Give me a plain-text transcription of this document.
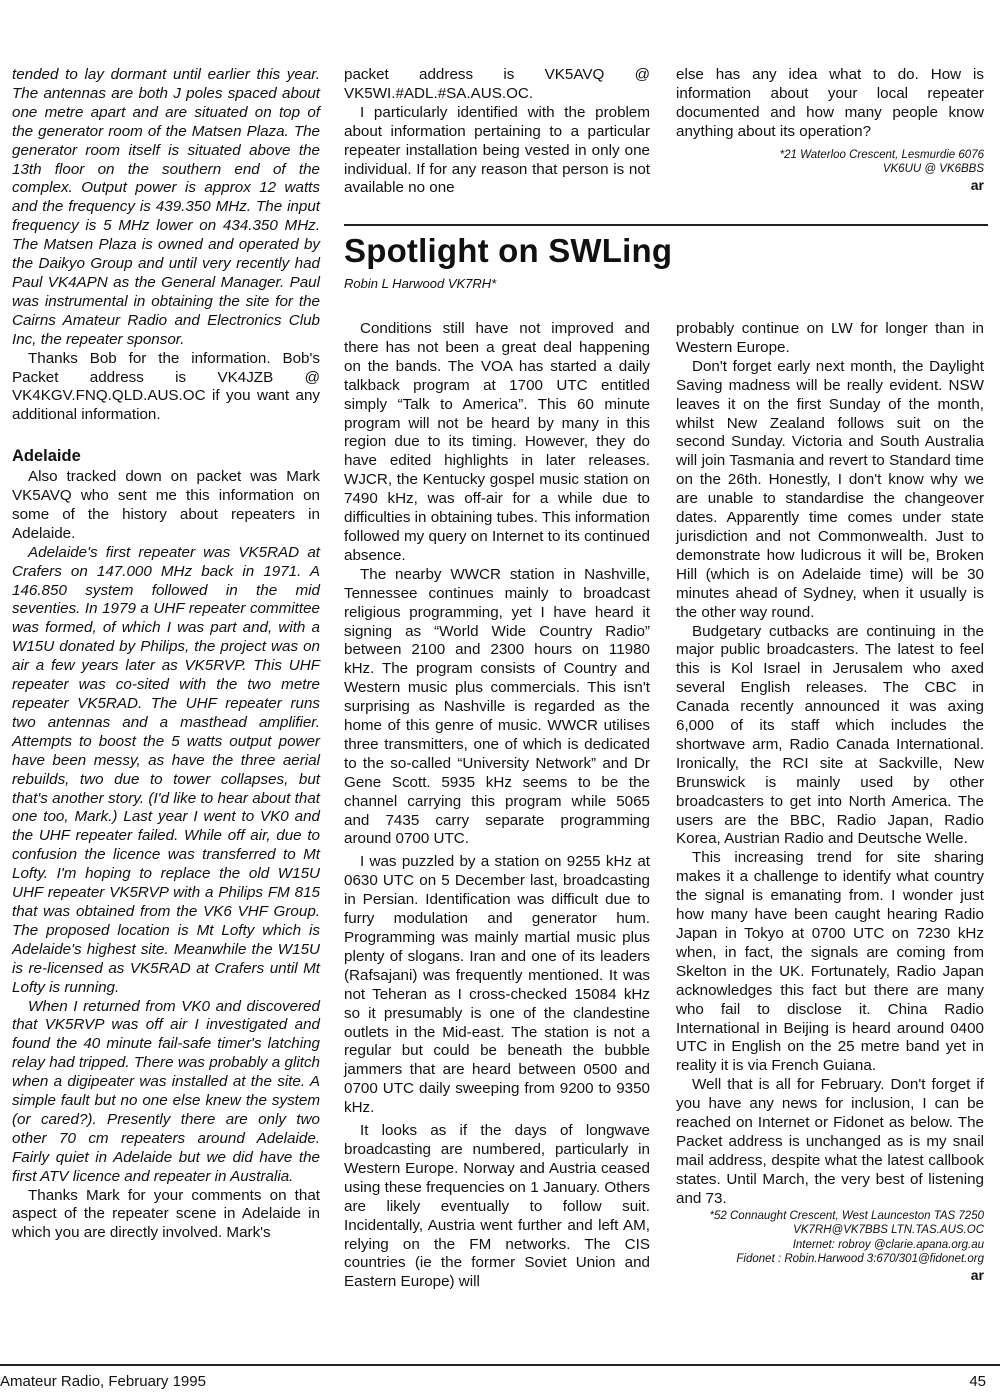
tended to lay dormant until earlier this year. The antennas are both J poles spaced about one metre apart and are situated on top of the generator room of the Matsen Plaza. The generator room itself is situated above the 13th floor on the southern end of the complex. Output power is approx 12 watts and the frequency is 439.350 MHz. The input frequency is 5 MHz lower on 434.350 MHz. The Matsen Plaza is owned and operated by the Daikyo Group and until very recently had Paul VK4APN as the General Manager. Paul was instrumental in obtaining the site for the Cairns Amateur Radio and Electronics Club Inc, the repeater sponsor.

Thanks Bob for the information. Bob's Packet address is VK4JZB @ VK4KGV.FNQ.QLD.AUS.OC if you want any additional information.

Adelaide

Also tracked down on packet was Mark VK5AVQ who sent me this information on some of the history about repeaters in Adelaide.

Adelaide's first repeater was VK5RAD at Crafers on 147.000 MHz back in 1971. A 146.850 system followed in the mid seventies. In 1979 a UHF repeater committee was formed, of which I was part and, with a W15U donated by Philips, the project was on air a few years later as VK5RVP. This UHF repeater was co-sited with the two metre repeater VK5RAD. The UHF repeater runs two antennas and a masthead amplifier. Attempts to boost the 5 watts output power have been messy, as have the three aerial rebuilds, two due to tower collapses, but that's another story. (I'd like to hear about that one too, Mark.) Last year I went to VK0 and the UHF repeater failed. While off air, due to confusion the licence was transferred to Mt Lofty. I'm hoping to replace the old W15U UHF repeater VK5RVP with a Philips FM 815 that was obtained from the VK6 VHF Group. The proposed location is Mt Lofty which is Adelaide's highest site. Meanwhile the W15U is re-licensed as VK5RAD at Crafers until Mt Lofty is running.

When I returned from VK0 and discovered that VK5RVP was off air I investigated and found the 40 minute fail-safe timer's latching relay had tripped. There was probably a glitch when a digipeater was installed at the site. A simple fault but no one else knew the system (or cared?). Presently there are only two other 70 cm repeaters around Adelaide. Fairly quiet in Adelaide but we did have the first ATV licence and repeater in Australia.

Thanks Mark for your comments on that aspect of the repeater scene in Adelaide in which you are directly involved. Mark's

packet address is VK5AVQ @ VK5WI.#ADL.#SA.AUS.OC.

I particularly identified with the problem about information pertaining to a particular repeater installation being vested in only one individual. If for any reason that person is not available no one

else has any idea what to do. How is information about your local repeater documented and how many people know anything about its operation?

*21 Waterloo Crescent, Lesmurdie 6076
VK6UU @ VK6BBS
ar
Spotlight on SWLing
Robin L Harwood VK7RH*

Conditions still have not improved and there has not been a great deal happening on the bands. The VOA has started a daily talkback program at 1700 UTC entitled simply “Talk to America”. This 60 minute program will not be heard by many in this region due to its timing. However, they do have edited highlights in later releases. WJCR, the Kentucky gospel music station on 7490 kHz, was off-air for a while due to difficulties in obtaining tubes. This information followed my query on Internet to its continued absence.

The nearby WWCR station in Nashville, Tennessee continues mainly to broadcast religious programming, yet I have heard it signing as “World Wide Country Radio” between 2100 and 2300 hours on 11980 kHz. The program consists of Country and Western music plus commercials. This isn't surprising as Nashville is regarded as the home of this genre of music. WWCR utilises three transmitters, one of which is dedicated to the so-called “University Network” and Dr Gene Scott. 5935 kHz seems to be the channel carrying this program while 5065 and 7435 carry separate programming around 0700 UTC.

I was puzzled by a station on 9255 kHz at 0630 UTC on 5 December last, broadcasting in Persian. Identification was difficult due to furry modulation and generator hum. Programming was mainly martial music plus plenty of slogans. Iran and one of its leaders (Rafsajani) was frequently mentioned. It was not Teheran as I cross-checked 15084 kHz so it presumably is one of the clandestine outlets in the Mid-east. The station is not a regular but could be beneath the bubble jammers that are heard between 0500 and 0700 UTC daily sweeping from 9200 to 9350 kHz.

It looks as if the days of longwave broadcasting are numbered, particularly in Western Europe. Norway and Austria ceased using these frequencies on 1 January. Others are likely eventually to follow suit. Incidentally, Austria went further and left AM, relying on the FM networks. The CIS countries (ie the former Soviet Union and Eastern Europe) will

probably continue on LW for longer than in Western Europe.

Don't forget early next month, the Daylight Saving madness will be really evident. NSW leaves it on the first Sunday of the month, whilst New Zealand follows suit on the second Sunday. Victoria and South Australia will join Tasmania and revert to Standard time on the 26th. Honestly, I don't know why we are unable to standardise the changeover dates. Apparently time comes under state jurisdiction and not Commonwealth. Just to demonstrate how ludicrous it will be, Broken Hill (which is on Adelaide time) will be 30 minutes ahead of Sydney, when it usually is the other way round.

Budgetary cutbacks are continuing in the major public broadcasters. The latest to feel this is Kol Israel in Jerusalem who axed several English releases. The CBC in Canada recently announced it was axing 6,000 of its staff which includes the shortwave arm, Radio Canada International. Ironically, the RCI site at Sackville, New Brunswick is mainly used by other broadcasters to get into North America. The users are the BBC, Radio Japan, Radio Korea, Austrian Radio and Deutsche Welle.

This increasing trend for site sharing makes it a challenge to identify what country the signal is emanating from. I wonder just how many have been caught hearing Radio Japan in Tokyo at 0700 UTC on 7230 kHz when, in fact, the signals are coming from Skelton in the UK. Fortunately, Radio Japan acknowledges this fact but there are many who fail to disclose it. China Radio International in Beijing is heard around 0400 UTC in English on the 25 metre band yet in reality it is via French Guiana.

Well that is all for February. Don't forget if you have any news for inclusion, I can be reached on Internet or Fidonet as below. The Packet address is unchanged as is my snail mail address, despite what the latest callbook states. Until March, the very best of listening and 73.

*52 Connaught Crescent, West Launceston TAS 7250
VK7RH@VK7BBS LTN.TAS.AUS.OC
Internet: robroy @clarie.apana.org.au
Fidonet : Robin.Harwood 3:670/301@fidonet.org
ar
Amateur Radio, February 1995	45
